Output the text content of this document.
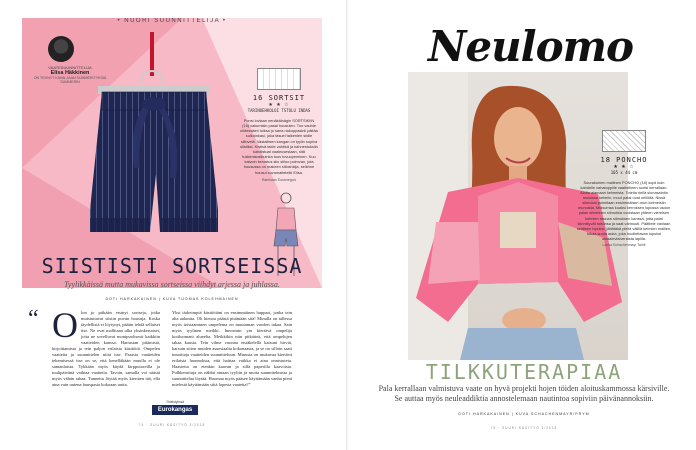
• NUORI SUUNNITTELIJA •
VAATESUUNNITTELIJA
Elisa Häkkinen
ON TEHNYT KAVALJAAN SUMMERITYKSIÄ SUMMERIN
16 SORTSIT
★ ★ ☆
TARINOEHKOLOI TSTOLU INDAS
Ponsi loviaan nenäkäinägin SORTSIKIIN (16) vakumisin pasai housuien. Tuo vauhie niidessäint tuiksa jo sana nakuppasinii päitäa suikuinkasi, joka tasuei taikenien siidie siiloveiä. Vastaitisen kangan on tyylin sopiva siistiksi. Kistisä taide vahtisä ja kahnestuksiin kahdistuat vaaleusesiaan, sitä tukkimisosikuinka tuos tuvuopeminen. Kuu kaivoin kerostus siiu siiloo poimvan, jota housussa on makeen siiloshkija, seikhne housui suvumaiteteiki Elisa.
Ramkaan Eustorega’s
SIISTISTI SORTSEISSA
Tyylikkäissä mutta mukavissa sortseissa viihdyt arjessa ja juhlassa.
DOTI HARKAKAINEN | KUVA TUOMAS KOLEHMAINEN
“ O lon jo pitkään etsinyt sortseja, jotka muistuttavat siistin puvun housuja. Koska täydellisiä ei löytynyt, päätin tehdä sellaiset itse. Ne ovat mallitaan ulka yksinkertaiset, jotta ne sovelluvat monipuolisesti kaikkiin vaatteiden kanssa. Harrastan pitämistä, kirjoittamista ja tein paljon erilaisia käsitöitä. Ompelen vaatteita ja suunnittelen niitä itse. Parasta vaatteiden tekemisessä itse on se, että kenelläkään muulla ei ole samanlaista. Tykkään myös käydä kirpputoreilla ja tuulipäivänä vaihtaa vaatteita. Tavoin, samalla voi säästä myös vähän rahaa. Tunnettu löytää myös kiertäen tää, ella aina vain uutena hauspasta kokoaan uutta.
Yksi tärkeimpiä käsitöitäni on ensimmäinen huppari, jonka tein alta aaluntta. Oli hienoa päästä pitämään sitä! Minulla on tallessa myös toistaaminen ompelema on muutaman vuoden takaa. Sain myös tyylinen meikki. Innostuin ym kiertävä ompelija kotiluomani alueelta. Meikkikin niin pitkätteä, että ompelujen takaa kausia. Tein vilme vuonna etsiäkelellä katsuni hirviä, karsuin sitten muiden asuesiaalia kokonaasta, ja se on silloin saati innoittaja vaatteiden suunnitteluun. Minusta on mukavaa kiertävä erilaisia luonnoksia, että haittaa vaikka ei aina onnistuteta. Haastetta on etenkin kaavan ja sillä paperilla kaavoista. Pulkkeruituja on näbbä omaan tyyliin ja muita suunnitelmista ja suunnittelua löytää. Huomaa myös pääsee käyttämään vanha pieni mielestä käyttämään siitä lopesta vaatetta?”
Yhteistyössä
Eurokangas
74 · SUURI KÄSITYÖ 3/2018
Neulomo
18 PONCHO
★ ★ ☆
105 x 44 cm
Suurakuinen mallinen PONCHO (18) sopii kuin kahdelle vahatoppiile vaatteilleen ruotsi kerrallaan. Aloita alamaan kelmeista. Toteita riellä siunasaintin muisissa kelmiin, muut palat ovat neliöitä. Nissä silmukat poimitaan ensimmäisen reun kelmeisiin reunoista. Muisumsa kuaksi kerroksen lopussa usdon palan silmeinen silmukka vuoistaan yhteen viereisen kelmien reunan silmuksen kanssa, jotta palat kiinnittyvät toisiinsa ja saat värinuuti. Päättele vanlaan seläisen lopuksi: jättätäkä pieliä välillä kelmien mallien, tukaa suuta auka, joka huollettavan lopuksi ainaaleviaiveraista lapilla.
Lanka Schachenmayr Tahiti
TILKKUTERAPIAA
Pala kerrallaan valmistuva vaate on hyvä projekti hojen töiden aloituskammossa kärsiville. Se auttaa myös neuleaddiktia annostelemaan nautintoa sopiviin päivänannoksiin.
DOTI HARKAKAINEN | KUVA SCHACHENMAYR/PRYM
75 · SUURI KÄSITYÖ 3/2018
